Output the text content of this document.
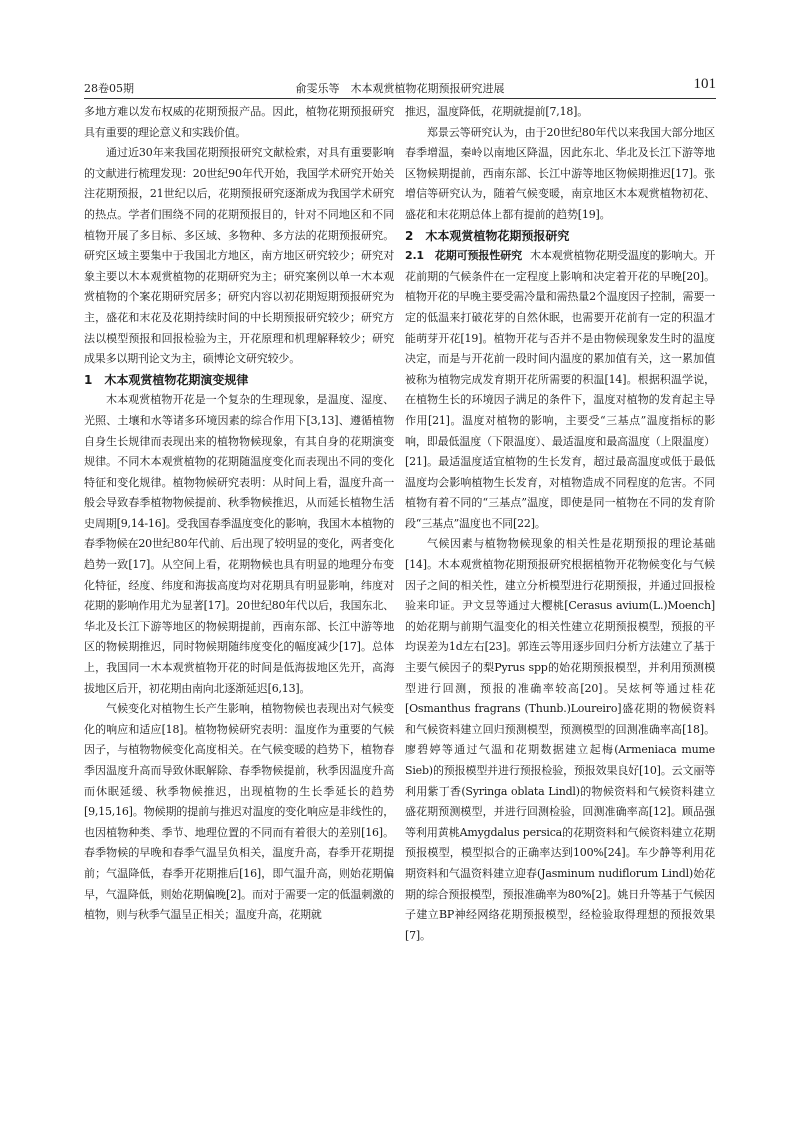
28卷05期	俞雯乐等　木本观赏植物花期预报研究进展	101

多地方难以发布权威的花期预报产品。因此，植物花期预报研究具有重要的理论意义和实践价值。

通过近30年来我国花期预报研究文献检索，对具有重要影响的文献进行梳理发现：20世纪90年代开始，我国学术研究开始关注花期预报，21世纪以后，花期预报研究逐渐成为我国学术研究的热点。学者们围绕不同的花期预报目的，针对不同地区和不同植物开展了多目标、多区域、多物种、多方法的花期预报研究。研究区域主要集中于我国北方地区，南方地区研究较少；研究对象主要以木本观赏植物的花期研究为主；研究案例以单一木本观赏植物的个案花期研究居多；研究内容以初花期短期预报研究为主，盛花和末花及花期持续时间的中长期预报研究较少；研究方法以模型预报和回报检验为主，开花原理和机理解释较少；研究成果多以期刊论文为主，硕博论文研究较少。

1　木本观赏植物花期演变规律

木本观赏植物开花是一个复杂的生理现象，是温度、湿度、光照、土壤和水等诸多环境因素的综合作用下[3,13]、遵循植物自身生长规律而表现出来的植物物候现象，有其自身的花期演变规律。不同木本观赏植物的花期随温度变化而表现出不同的变化特征和变化规律。植物物候研究表明：从时间上看，温度升高一般会导致春季植物物候提前、秋季物候推迟，从而延长植物生活史周期[9,14-16]。受我国春季温度变化的影响，我国木本植物的春季物候在20世纪80年代前、后出现了较明显的变化，两者变化趋势一致[17]。从空间上看，花期物候也具有明显的地理分布变化特征，经度、纬度和海拔高度均对花期具有明显影响，纬度对花期的影响作用尤为显著[17]。20世纪80年代以后，我国东北、华北及长江下游等地区的物候期提前，西南东部、长江中游等地区的物候期推迟，同时物候期随纬度变化的幅度减少[17]。总体上，我国同一木本观赏植物开花的时间是低海拔地区先开，高海拔地区后开，初花期由南向北逐渐延迟[6,13]。

气候变化对植物生长产生影响，植物物候也表现出对气候变化的响应和适应[18]。植物物候研究表明：温度作为重要的气候因子，与植物物候变化高度相关。在气候变暖的趋势下，植物春季因温度升高而导致休眠解除、春季物候提前，秋季因温度升高而休眠延缓、秋季物候推迟，出现植物的生长季延长的趋势[9,15,16]。物候期的提前与推迟对温度的变化响应是非线性的，也因植物种类、季节、地理位置的不同而有着很大的差别[16]。春季物候的早晚和春季气温呈负相关，温度升高，春季开花期提前；气温降低，春季开花期推后[16]，即气温升高，则始花期偏早，气温降低，则始花期偏晚[2]。而对于需要一定的低温刺激的植物，则与秋季气温呈正相关；温度升高，花期就

推迟，温度降低，花期就提前[7,18]。

郑景云等研究认为，由于20世纪80年代以来我国大部分地区春季增温，秦岭以南地区降温，因此东北、华北及长江下游等地区物候期提前，西南东部、长江中游等地区物候期推迟[17]。张增信等研究认为，随着气候变暖，南京地区木本观赏植物初花、盛花和末花期总体上都有提前的趋势[19]。

2　木本观赏植物花期预报研究

2.1　花期可预报性研究 木本观赏植物花期受温度的影响大。开花前期的气候条件在一定程度上影响和决定着开花的早晚[20]。植物开花的早晚主要受需冷量和需热量2个温度因子控制，需要一定的低温来打破花芽的自然休眠，也需要开花前有一定的积温才能萌芽开花[19]。植物开花与否并不是由物候现象发生时的温度决定，而是与开花前一段时间内温度的累加值有关，这一累加值被称为植物完成发育期开花所需要的积温[14]。根据积温学说，在植物生长的环境因子满足的条件下，温度对植物的发育起主导作用[21]。温度对植物的影响，主要受“三基点”温度指标的影响，即最低温度（下限温度）、最适温度和最高温度（上限温度）[21]。最适温度适宜植物的生长发育，超过最高温度或低于最低温度均会影响植物生长发育，对植物造成不同程度的危害。不同植物有着不同的“三基点”温度，即使是同一植物在不同的发育阶段“三基点”温度也不同[22]。

气候因素与植物物候现象的相关性是花期预报的理论基础[14]。木本观赏植物花期预报研究根据植物开花物候变化与气候因子之间的相关性，建立分析模型进行花期预报，并通过回报检验来印证。尹文昱等通过大樱桃[Cerasus avium(L.)Moench]的始花期与前期气温变化的相关性建立花期预报模型，预报的平均误差为1d左右[23]。郭连云等用逐步回归分析方法建立了基于主要气候因子的梨Pyrus spp的始花期预报模型，并利用预测模型进行回测，预报的准确率较高[20]。吴炫柯等通过桂花[Osmanthus fragrans (Thunb.)Loureiro]盛花期的物候资料和气候资料建立回归预测模型，预测模型的回测准确率高[18]。廖碧婷等通过气温和花期数据建立起梅(Armeniaca mume Sieb)的预报模型并进行预报检验，预报效果良好[10]。云文丽等利用紫丁香(Syringa oblata Lindl)的物候资料和气候资料建立盛花期预测模型，并进行回测检验，回测准确率高[12]。顾品强等利用黄桃Amygdalus persica的花期资料和气候资料建立花期预报模型，模型拟合的正确率达到100%[24]。车少静等利用花期资料和气温资料建立迎春(Jasminum nudiflorum Lindl)始花期的综合预报模型，预报准确率为80%[2]。姚日升等基于气候因子建立BP神经网络花期预报模型，经检验取得理想的预报效果[7]。
